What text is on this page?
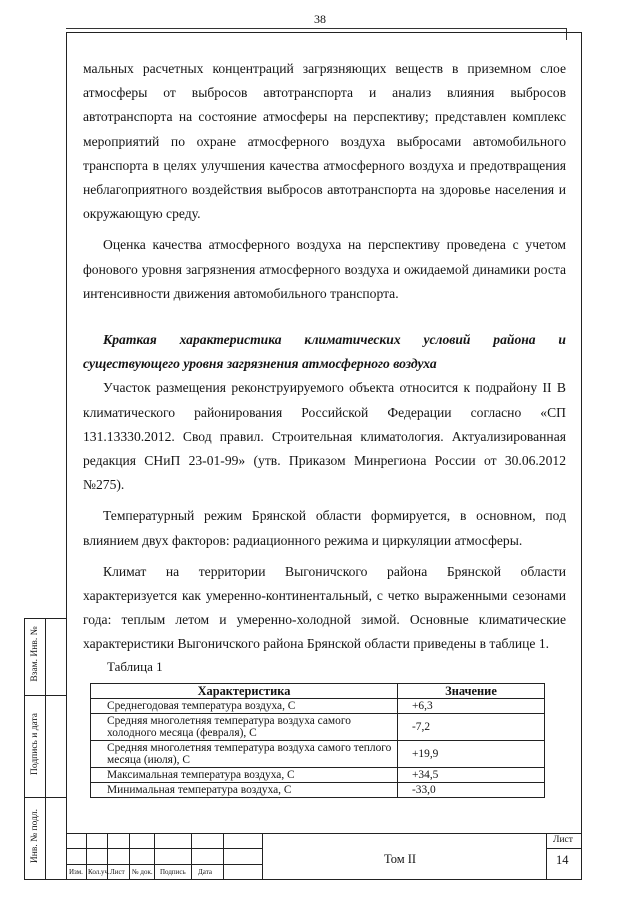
38

мальных расчетных концентраций загрязняющих веществ в приземном слое атмосферы от выбросов автотранспорта и анализ влияния выбросов автотранспорта на состояние атмосферы на перспективу; представлен комплекс мероприятий по охране атмосферного воздуха выбросами автомобильного транспорта в целях улучшения качества атмосферного воздуха и предотвращения неблагоприятного воздействия выбросов автотранспорта на здоровье населения и окружающую среду.

Оценка качества атмосферного воздуха на перспективу проведена с учетом фонового уровня загрязнения атмосферного воздуха и ожидаемой динамики роста интенсивности движения автомобильного транспорта.

Краткая характеристика климатических условий района и существующего уровня загрязнения атмосферного воздуха

Участок размещения реконструируемого объекта относится к подрайону II В климатического районирования Российской Федерации согласно «СП 131.13330.2012. Свод правил. Строительная климатология. Актуализированная редакция СНиП 23-01-99» (утв. Приказом Минрегиона России от 30.06.2012 №275).

Температурный режим Брянской области формируется, в основном, под влиянием двух факторов: радиационного режима и циркуляции атмосферы.

Климат на территории Выгоничского района Брянской области характеризуется как умеренно-континентальный, с четко выраженными сезонами года: теплым летом и умеренно-холодной зимой. Основные климатические характеристики Выгоничского района Брянской области приведены в таблице 1.

Таблица 1
Характеристика	Значение
Среднегодовая температура воздуха, С	+6,3
Средняя многолетняя температура воздуха самого холодного месяца (февраля), С	-7,2
Средняя многолетняя температура воздуха самого теплого месяца (июля), С	+19,9
Максимальная температура воздуха, С	+34,5
Минимальная температура воздуха, С	-33,0
Взам. Инв. №
Подпись и дата
Инв. № подл.
Изм. Кол.уч. Лист № док. Подпись Дата
Том II
Лист
14
